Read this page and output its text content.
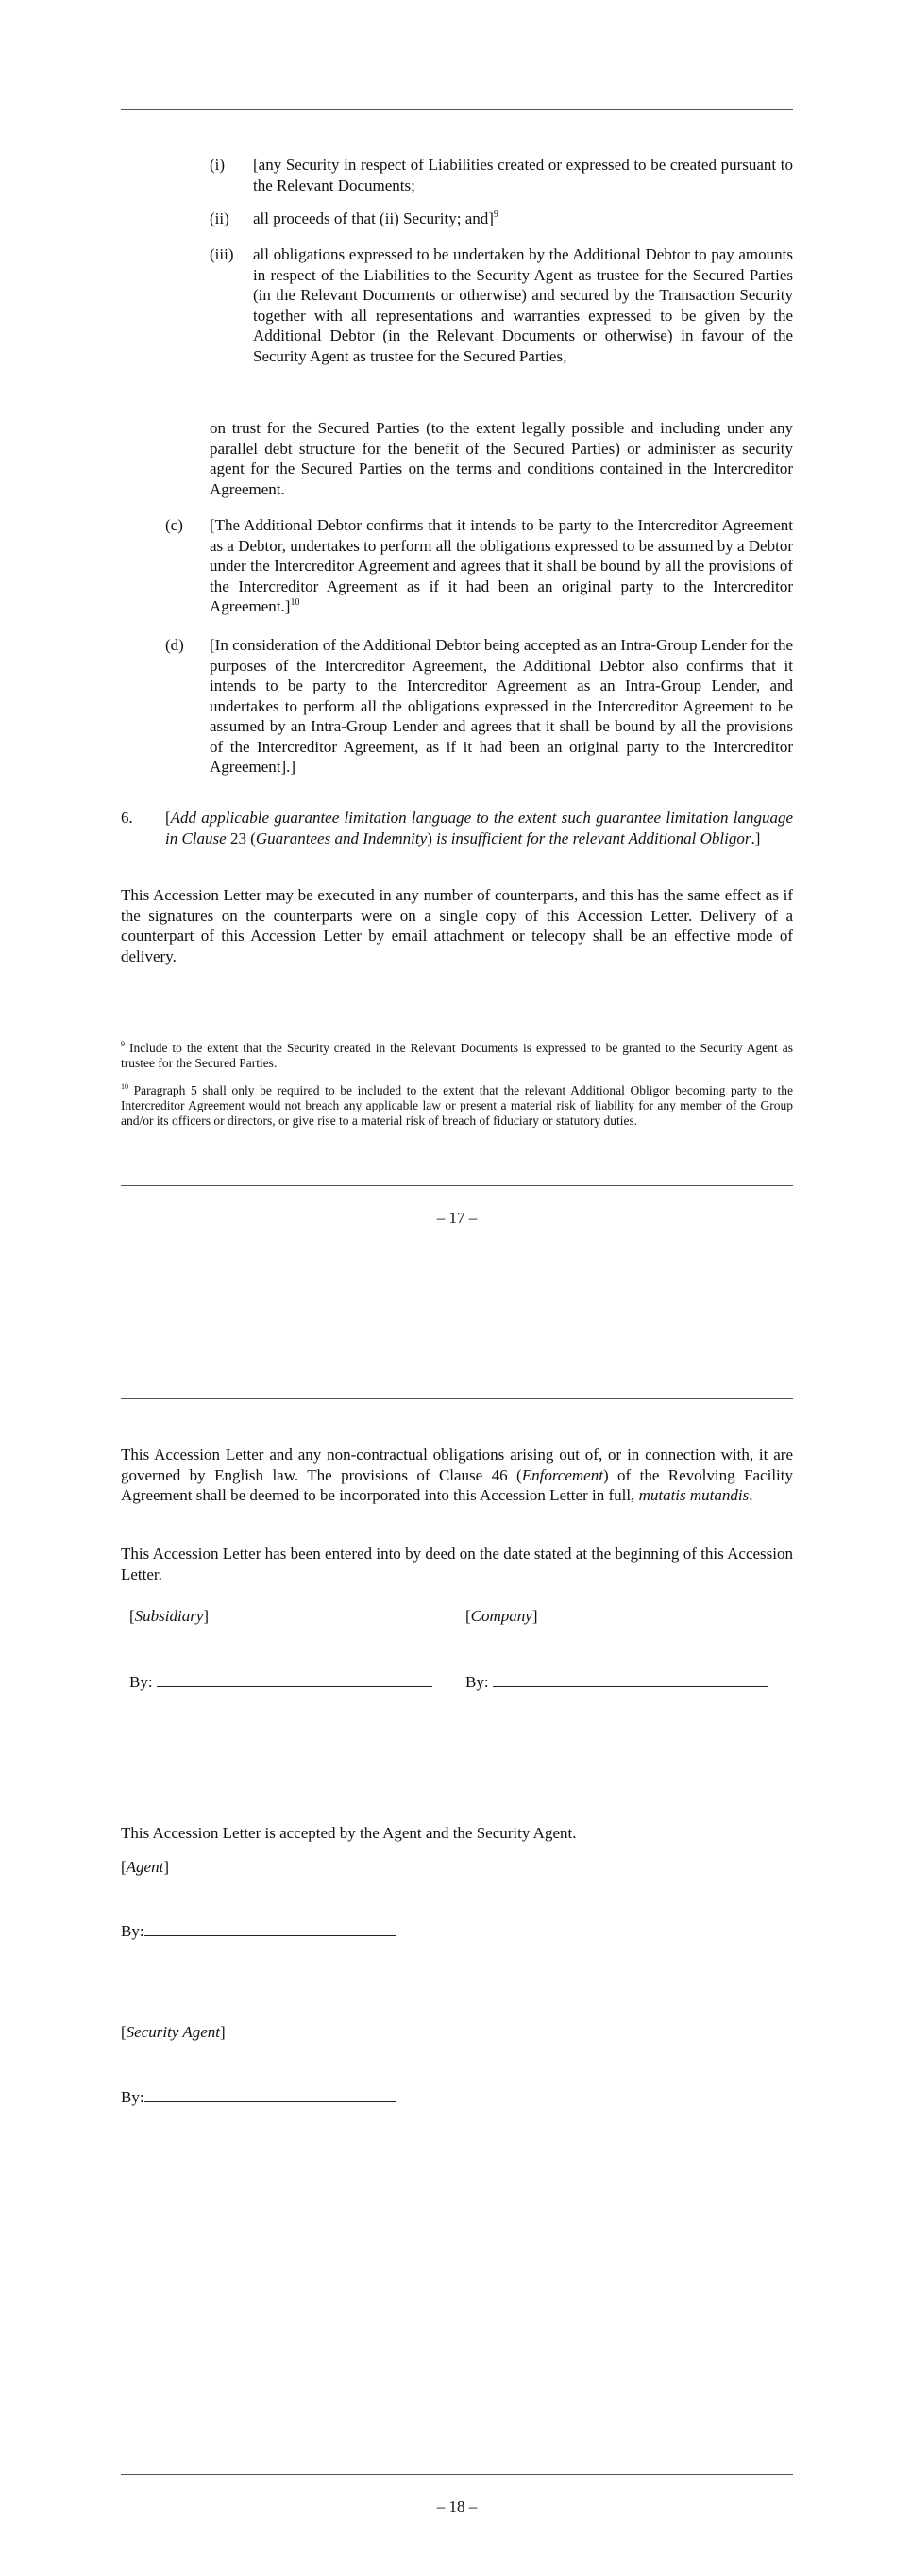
(i) [any Security in respect of Liabilities created or expressed to be created pursuant to the Relevant Documents;
(ii) all proceeds of that (ii) Security; and]$^9$
(iii) all obligations expressed to be undertaken by the Additional Debtor to pay amounts in respect of the Liabilities to the Security Agent as trustee for the Secured Parties (in the Relevant Documents or otherwise) and secured by the Transaction Security together with all representations and warranties expressed to be given by the Additional Debtor (in the Relevant Documents or otherwise) in favour of the Security Agent as trustee for the Secured Parties,
on trust for the Secured Parties (to the extent legally possible and including under any parallel debt structure for the benefit of the Secured Parties) or administer as security agent for the Secured Parties on the terms and conditions contained in the Intercreditor Agreement.
(c) [The Additional Debtor confirms that it intends to be party to the Intercreditor Agreement as a Debtor, undertakes to perform all the obligations expressed to be assumed by a Debtor under the Intercreditor Agreement and agrees that it shall be bound by all the provisions of the Intercreditor Agreement as if it had been an original party to the Intercreditor Agreement.]$^{10}$
(d) [In consideration of the Additional Debtor being accepted as an Intra-Group Lender for the purposes of the Intercreditor Agreement, the Additional Debtor also confirms that it intends to be party to the Intercreditor Agreement as an Intra-Group Lender, and undertakes to perform all the obligations expressed in the Intercreditor Agreement to be assumed by an Intra-Group Lender and agrees that it shall be bound by all the provisions of the Intercreditor Agreement, as if it had been an original party to the Intercreditor Agreement].]
6. [Add applicable guarantee limitation language to the extent such guarantee limitation language in Clause 23 (Guarantees and Indemnity) is insufficient for the relevant Additional Obligor.]
This Accession Letter may be executed in any number of counterparts, and this has the same effect as if the signatures on the counterparts were on a single copy of this Accession Letter. Delivery of a counterpart of this Accession Letter by email attachment or telecopy shall be an effective mode of delivery.
$^9$ Include to the extent that the Security created in the Relevant Documents is expressed to be granted to the Security Agent as trustee for the Secured Parties.
$^{10}$ Paragraph 5 shall only be required to be included to the extent that the relevant Additional Obligor becoming party to the Intercreditor Agreement would not breach any applicable law or present a material risk of liability for any member of the Group and/or its officers or directors, or give rise to a material risk of breach of fiduciary or statutory duties.
– 17 –
This Accession Letter and any non-contractual obligations arising out of, or in connection with, it are governed by English law. The provisions of Clause 46 (Enforcement) of the Revolving Facility Agreement shall be deemed to be incorporated into this Accession Letter in full, mutatis mutandis.
This Accession Letter has been entered into by deed on the date stated at the beginning of this Accession Letter.
[Subsidiary]	[Company]
By:	By:
This Accession Letter is accepted by the Agent and the Security Agent.
[Agent]
By:
[Security Agent]
By:
– 18 –
